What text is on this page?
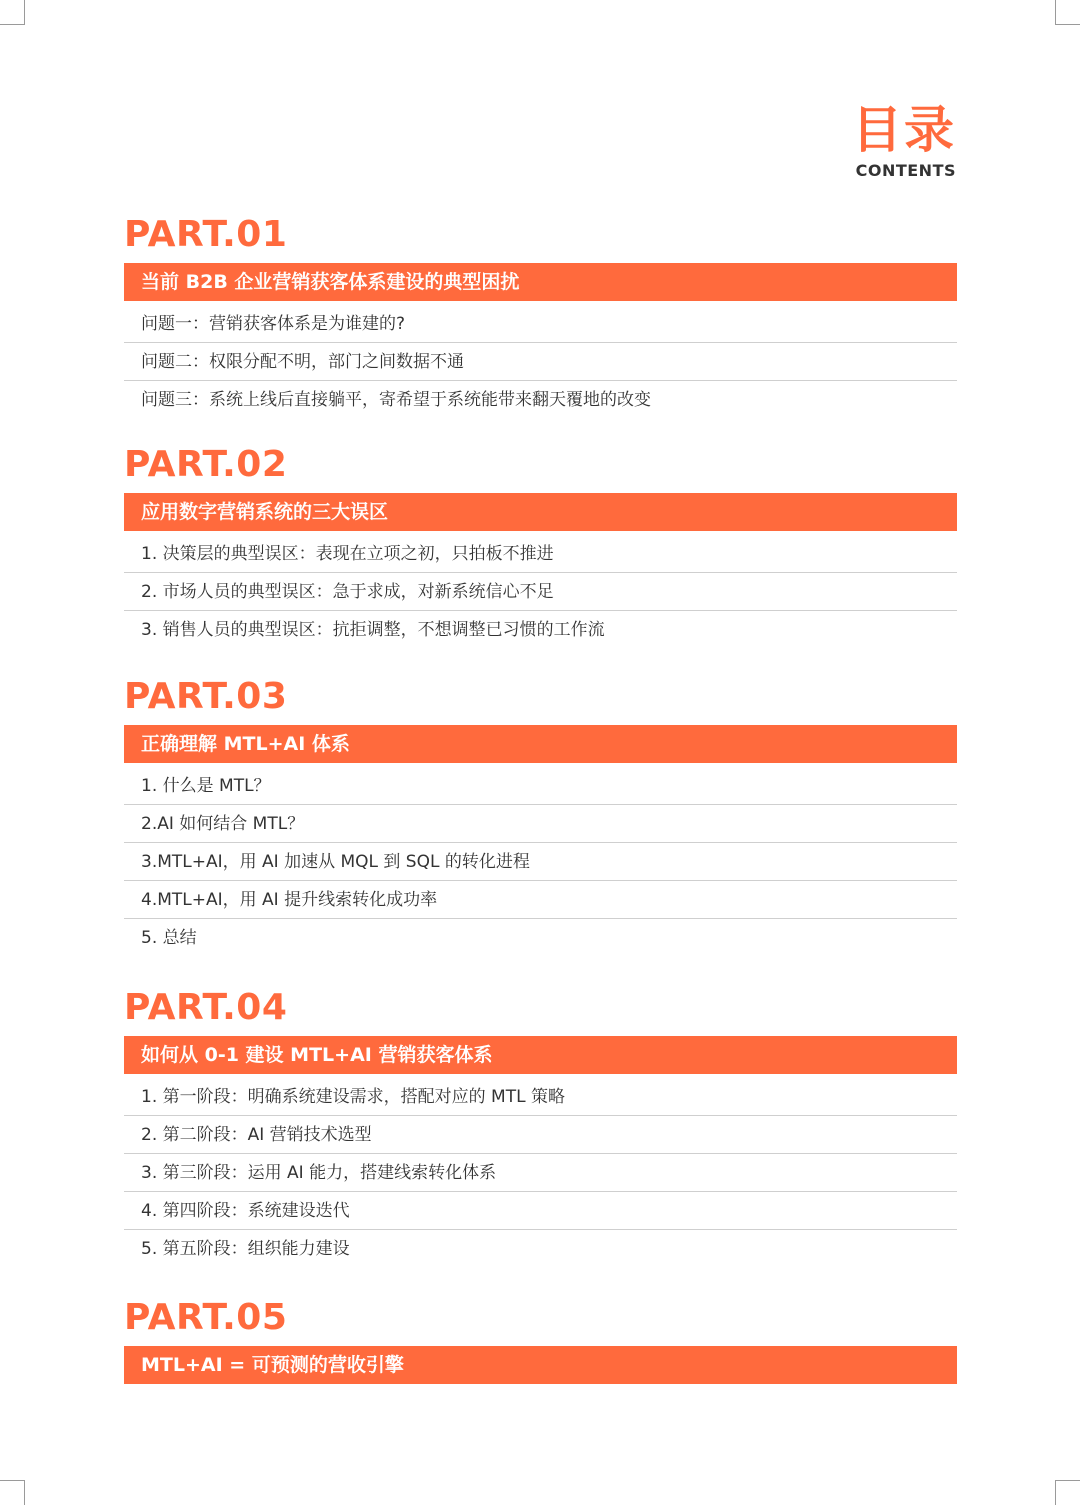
目录
CONTENTS
PART.01
当前 B2B 企业营销获客体系建设的典型困扰
问题一：营销获客体系是为谁建的?
问题二：权限分配不明，部门之间数据不通
问题三：系统上线后直接躺平，寄希望于系统能带来翻天覆地的改变
PART.02
应用数字营销系统的三大误区
1. 决策层的典型误区：表现在立项之初，只拍板不推进
2. 市场人员的典型误区：急于求成，对新系统信心不足
3. 销售人员的典型误区：抗拒调整，不想调整已习惯的工作流
PART.03
正确理解 MTL+AI 体系
1. 什么是 MTL？
2.AI 如何结合 MTL？
3.MTL+AI，用 AI 加速从 MQL 到 SQL 的转化进程
4.MTL+AI，用 AI 提升线索转化成功率
5. 总结
PART.04
如何从 0-1 建设 MTL+AI 营销获客体系
1. 第一阶段：明确系统建设需求，搭配对应的 MTL 策略
2. 第二阶段：AI 营销技术选型
3. 第三阶段：运用 AI 能力，搭建线索转化体系
4. 第四阶段：系统建设迭代
5. 第五阶段：组织能力建设
PART.05
MTL+AI = 可预测的营收引擎
